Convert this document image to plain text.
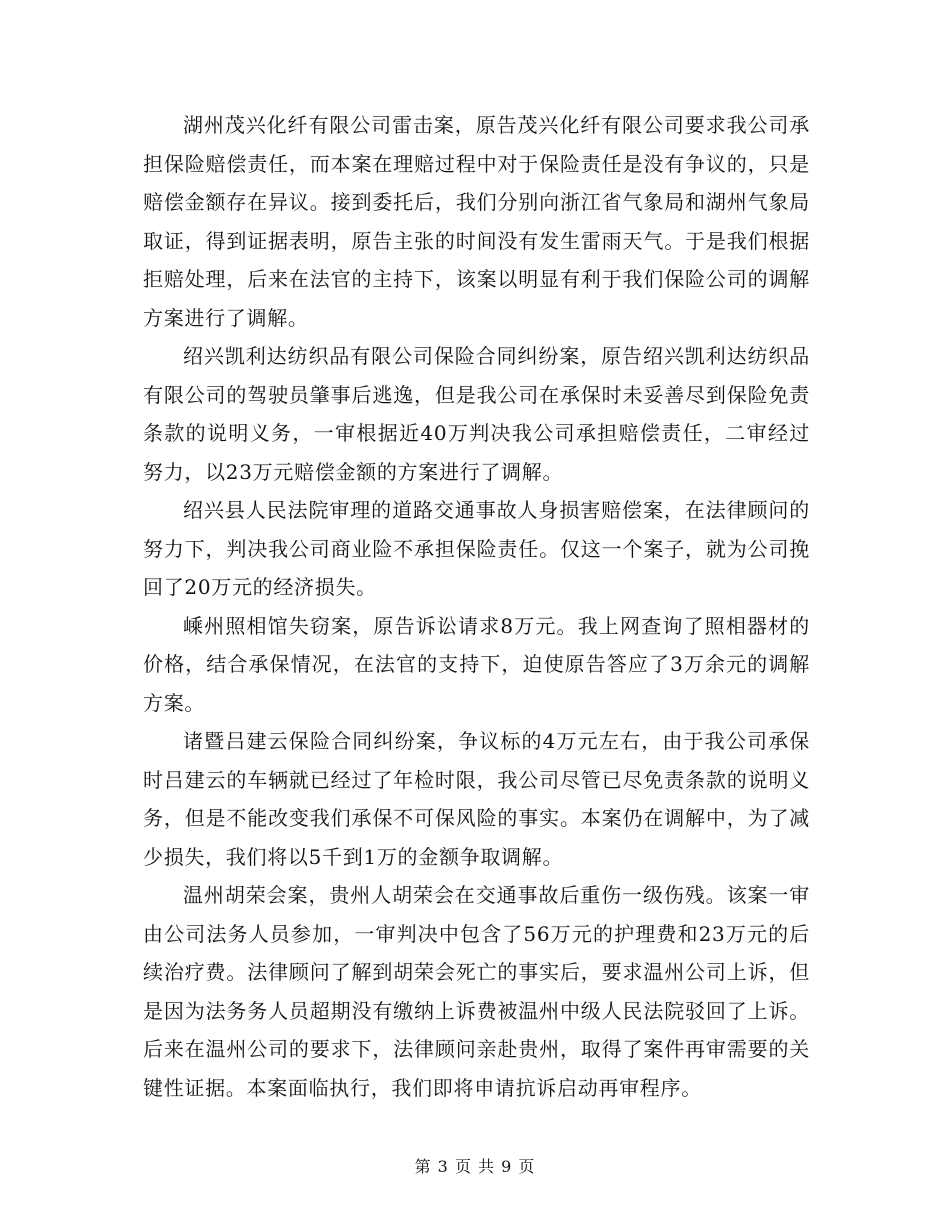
湖州茂兴化纤有限公司雷击案，原告茂兴化纤有限公司要求我公司承担保险赔偿责任，而本案在理赔过程中对于保险责任是没有争议的，只是赔偿金额存在异议。接到委托后，我们分别向浙江省气象局和湖州气象局取证，得到证据表明，原告主张的时间没有发生雷雨天气。于是我们根据拒赔处理，后来在法官的主持下，该案以明显有利于我们保险公司的调解方案进行了调解。

绍兴凯利达纺织品有限公司保险合同纠纷案，原告绍兴凯利达纺织品有限公司的驾驶员肇事后逃逸，但是我公司在承保时未妥善尽到保险免责条款的说明义务，一审根据近40万判决我公司承担赔偿责任，二审经过努力，以23万元赔偿金额的方案进行了调解。

绍兴县人民法院审理的道路交通事故人身损害赔偿案，在法律顾问的努力下，判决我公司商业险不承担保险责任。仅这一个案子，就为公司挽回了20万元的经济损失。

嵊州照相馆失窃案，原告诉讼请求8万元。我上网查询了照相器材的价格，结合承保情况，在法官的支持下，迫使原告答应了3万余元的调解方案。

诸暨吕建云保险合同纠纷案，争议标的4万元左右，由于我公司承保时吕建云的车辆就已经过了年检时限，我公司尽管已尽免责条款的说明义务，但是不能改变我们承保不可保风险的事实。本案仍在调解中，为了减少损失，我们将以5千到1万的金额争取调解。

温州胡荣会案，贵州人胡荣会在交通事故后重伤一级伤残。该案一审由公司法务人员参加，一审判决中包含了56万元的护理费和23万元的后续治疗费。法律顾问了解到胡荣会死亡的事实后，要求温州公司上诉，但是因为法务务人员超期没有缴纳上诉费被温州中级人民法院驳回了上诉。后来在温州公司的要求下，法律顾问亲赴贵州，取得了案件再审需要的关键性证据。本案面临执行，我们即将申请抗诉启动再审程序。

第 3 页 共 9 页
